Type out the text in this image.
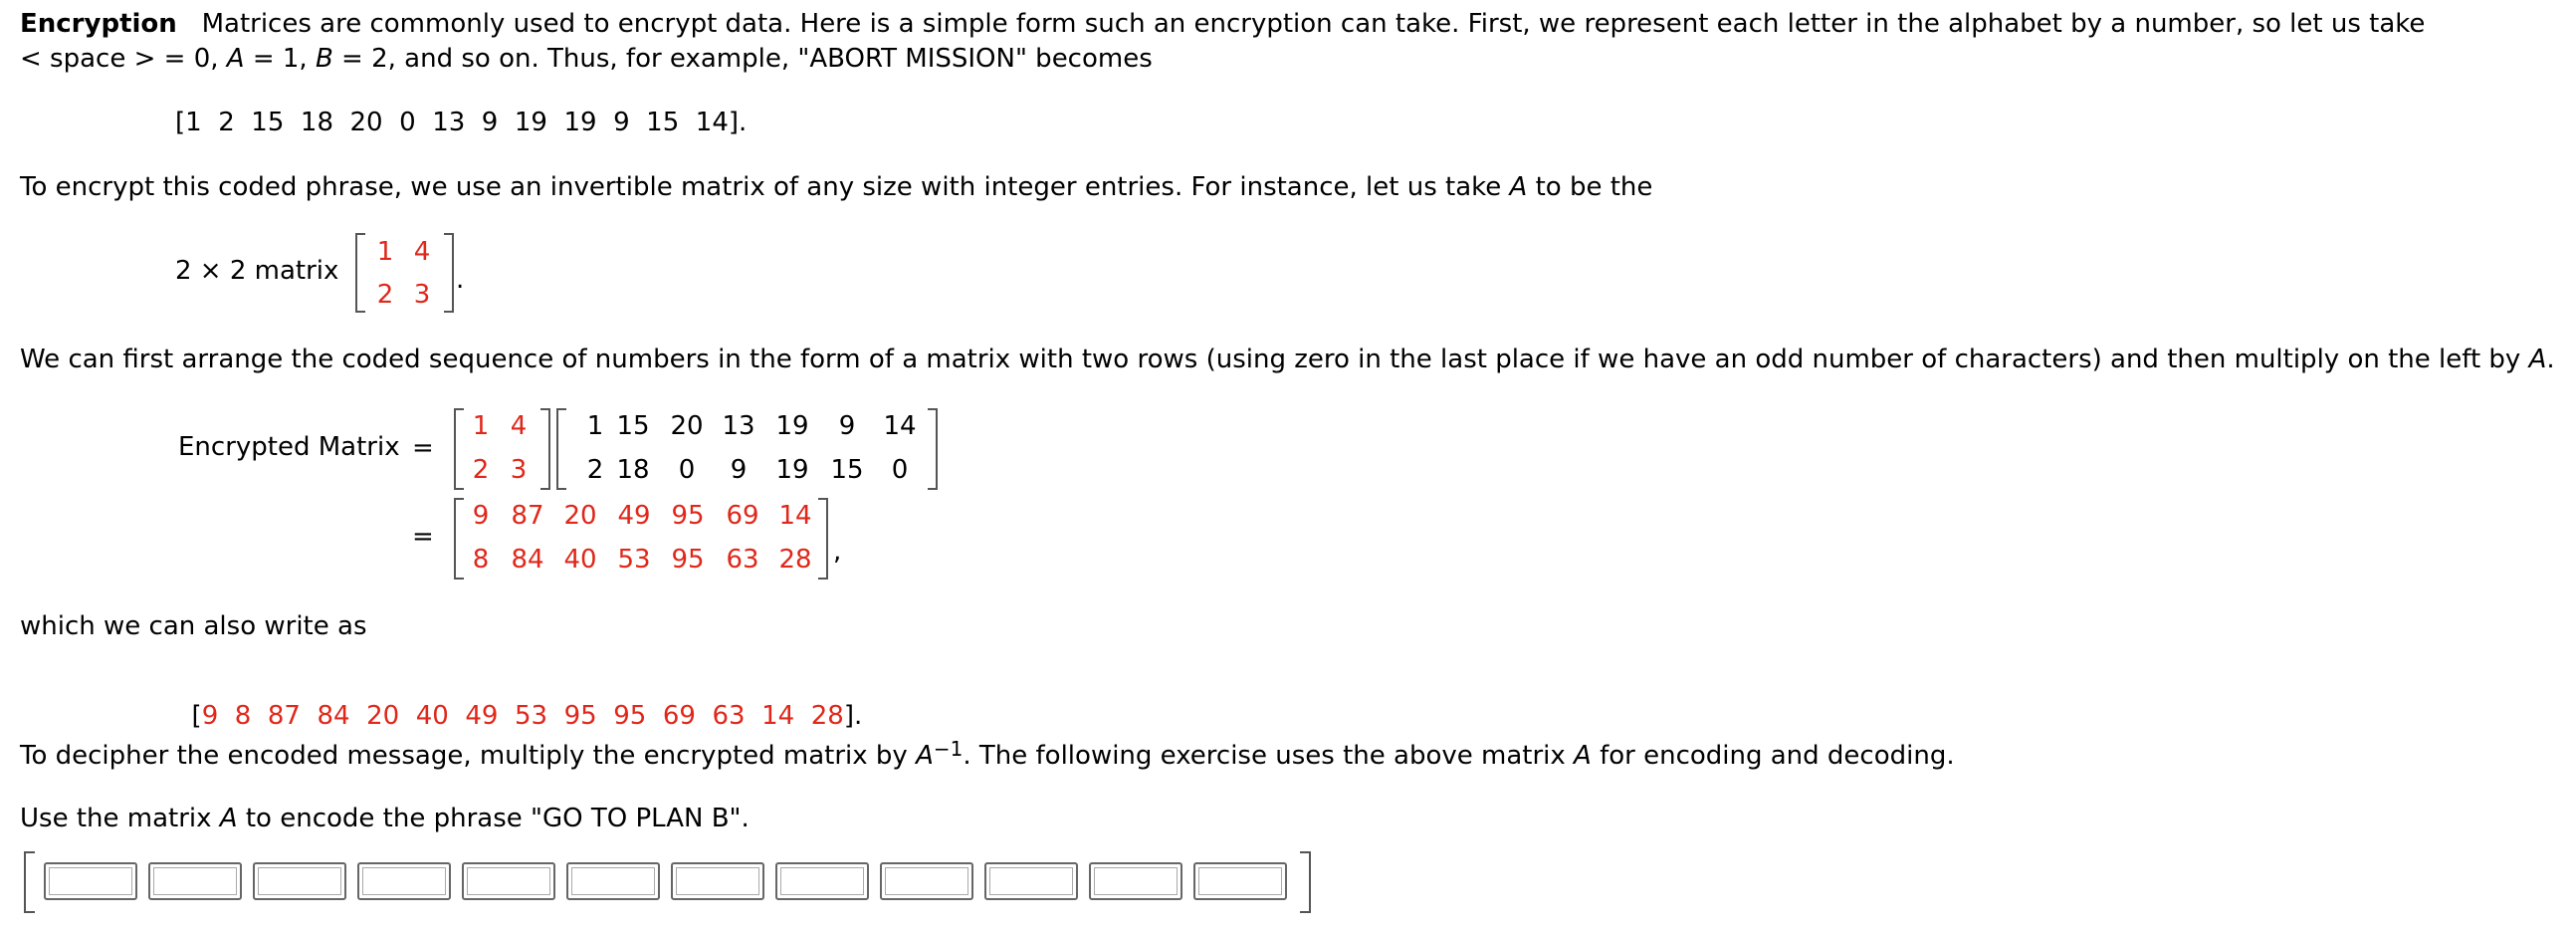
Encryption Matrices are commonly used to encrypt data. Here is a simple form such an encryption can take. First, we represent each letter in the alphabet by a number, so let us take
< space > = 0, A = 1, B = 2, and so on. Thus, for example, "ABORT MISSION" becomes
[1  2  15  18  20  0  13  9  19  19  9  15  14].
To encrypt this coded phrase, we use an invertible matrix of any size with integer entries. For instance, let us take A to be the
2 × 2 matrix
1 4
2 3 .
We can first arrange the coded sequence of numbers in the form of a matrix with two rows (using zero in the last place if we have an odd number of characters) and then multiply on the left by A.
Encrypted Matrix =
1 4
2 3
1 15 20 13 19	9	14
2 18	0	9	19 15	0
=
9 87 20 49 95 69 14
8 84 40 53 95 63 28 ,
which we can also write as

[9 8 87 84 20 40 49 53 95 95 69 63 14 28].

To decipher the encoded message, multiply the encrypted matrix by $A^{-1}$. The following exercise uses the above matrix A for encoding and decoding.
Use the matrix A to encode the phrase "GO TO PLAN B".
